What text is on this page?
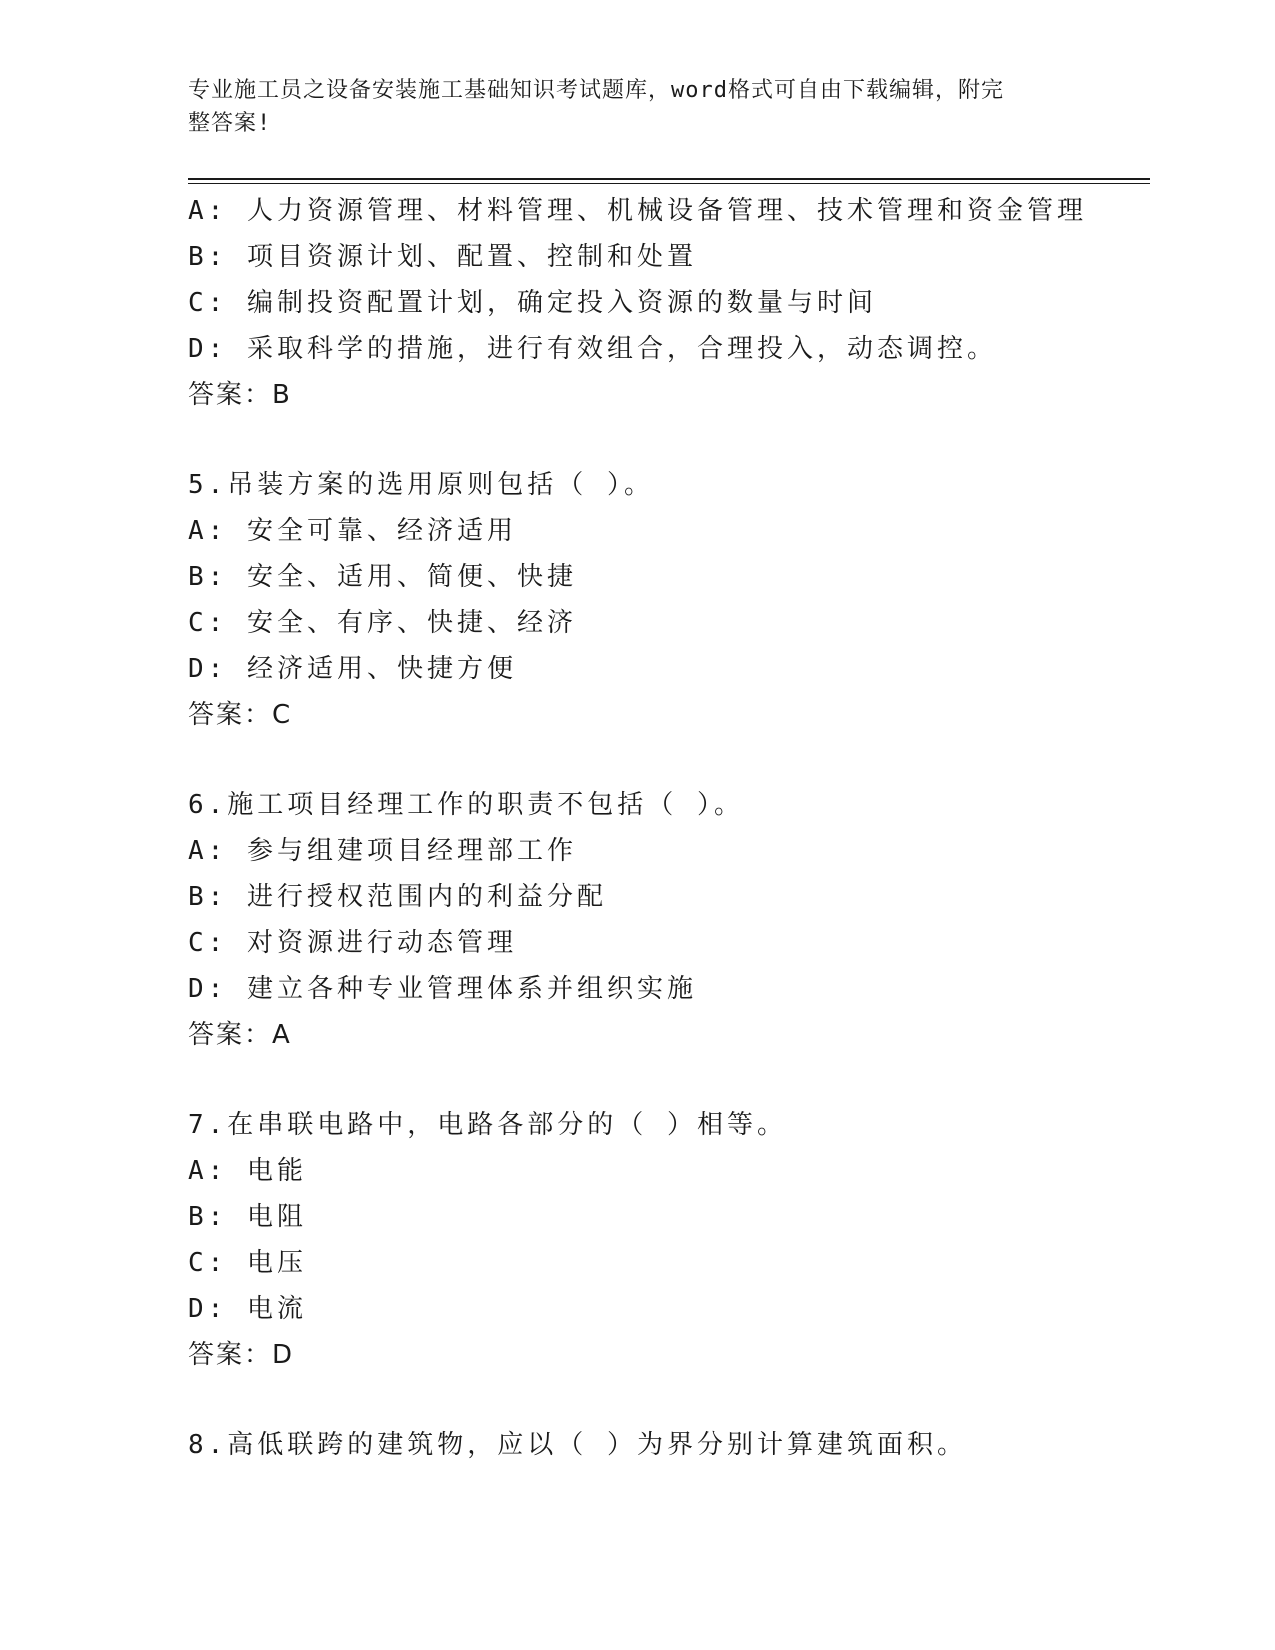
专业施工员之设备安装施工基础知识考试题库，word格式可自由下载编辑，附完
整答案!
A: 人力资源管理、材料管理、机械设备管理、技术管理和资金管理
B: 项目资源计划、配置、控制和处置
C: 编制投资配置计划，确定投入资源的数量与时间
D: 采取科学的措施，进行有效组合，合理投入，动态调控。
答案：B
5.吊装方案的选用原则包括（ ）。
A: 安全可靠、经济适用
B: 安全、适用、简便、快捷
C: 安全、有序、快捷、经济
D: 经济适用、快捷方便
答案：C
6.施工项目经理工作的职责不包括（ ）。
A: 参与组建项目经理部工作
B: 进行授权范围内的利益分配
C: 对资源进行动态管理
D: 建立各种专业管理体系并组织实施
答案：A
7.在串联电路中，电路各部分的（ ）相等。
A: 电能
B: 电阻
C: 电压
D: 电流
答案：D
8.高低联跨的建筑物，应以（ ）为界分别计算建筑面积。
